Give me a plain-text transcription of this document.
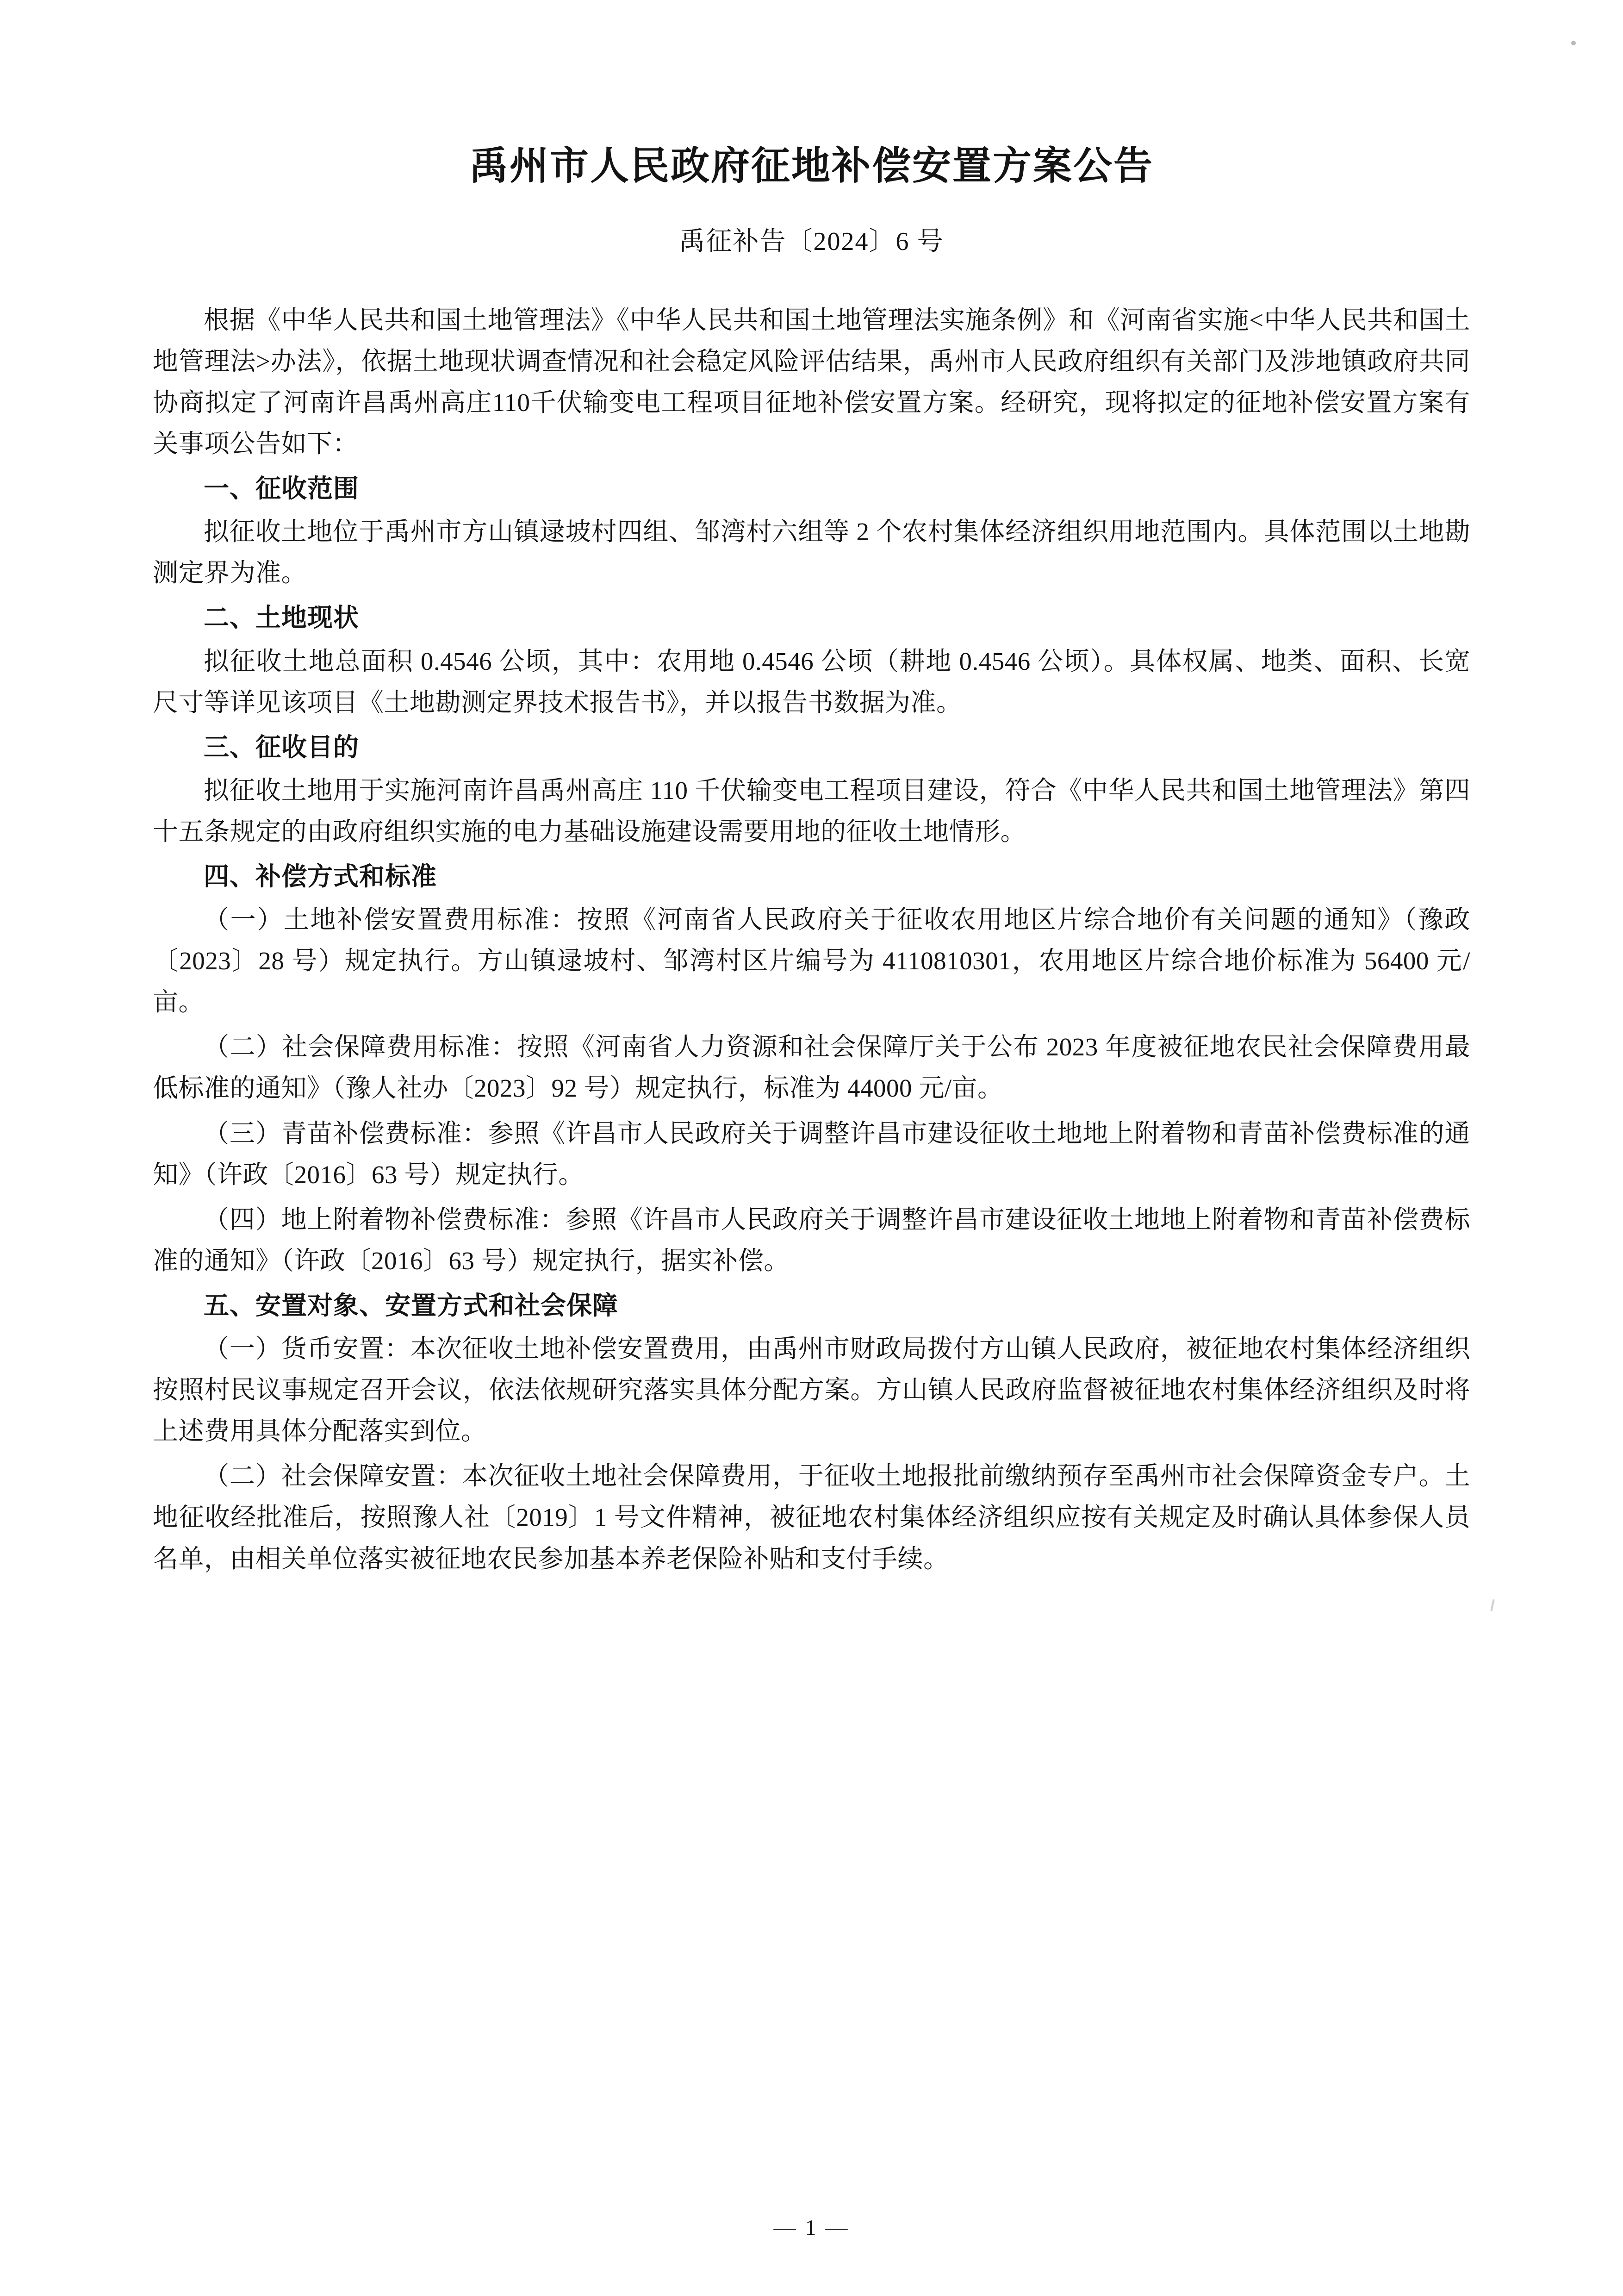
禹州市人民政府征地补偿安置方案公告
禹征补告〔2024〕6 号

根据《中华人民共和国土地管理法》《中华人民共和国土地管理法实施条例》和《河南省实施<中华人民共和国土地管理法>办法》，依据土地现状调查情况和社会稳定风险评估结果，禹州市人民政府组织有关部门及涉地镇政府共同协商拟定了河南许昌禹州高庄110千伏输变电工程项目征地补偿安置方案。经研究，现将拟定的征地补偿安置方案有关事项公告如下：

一、征收范围

拟征收土地位于禹州市方山镇逯坡村四组、邹湾村六组等 2 个农村集体经济组织用地范围内。具体范围以土地勘测定界为准。

二、土地现状

拟征收土地总面积 0.4546 公顷，其中：农用地 0.4546 公顷（耕地 0.4546 公顷）。具体权属、地类、面积、长宽尺寸等详见该项目《土地勘测定界技术报告书》，并以报告书数据为准。

三、征收目的

拟征收土地用于实施河南许昌禹州高庄 110 千伏输变电工程项目建设，符合《中华人民共和国土地管理法》第四十五条规定的由政府组织实施的电力基础设施建设需要用地的征收土地情形。

四、补偿方式和标准

（一）土地补偿安置费用标准：按照《河南省人民政府关于征收农用地区片综合地价有关问题的通知》（豫政〔2023〕28 号）规定执行。方山镇逯坡村、邹湾村区片编号为 4110810301，农用地区片综合地价标准为 56400 元/亩。

（二）社会保障费用标准：按照《河南省人力资源和社会保障厅关于公布 2023 年度被征地农民社会保障费用最低标准的通知》（豫人社办〔2023〕92 号）规定执行，标准为 44000 元/亩。

（三）青苗补偿费标准：参照《许昌市人民政府关于调整许昌市建设征收土地地上附着物和青苗补偿费标准的通知》（许政〔2016〕63 号）规定执行。

（四）地上附着物补偿费标准：参照《许昌市人民政府关于调整许昌市建设征收土地地上附着物和青苗补偿费标准的通知》（许政〔2016〕63 号）规定执行，据实补偿。

五、安置对象、安置方式和社会保障

（一）货币安置：本次征收土地补偿安置费用，由禹州市财政局拨付方山镇人民政府，被征地农村集体经济组织按照村民议事规定召开会议，依法依规研究落实具体分配方案。方山镇人民政府监督被征地农村集体经济组织及时将上述费用具体分配落实到位。

（二）社会保障安置：本次征收土地社会保障费用，于征收土地报批前缴纳预存至禹州市社会保障资金专户。土地征收经批准后，按照豫人社〔2019〕1 号文件精神，被征地农村集体经济组织应按有关规定及时确认具体参保人员名单，由相关单位落实被征地农民参加基本养老保险补贴和支付手续。

— 1 —
